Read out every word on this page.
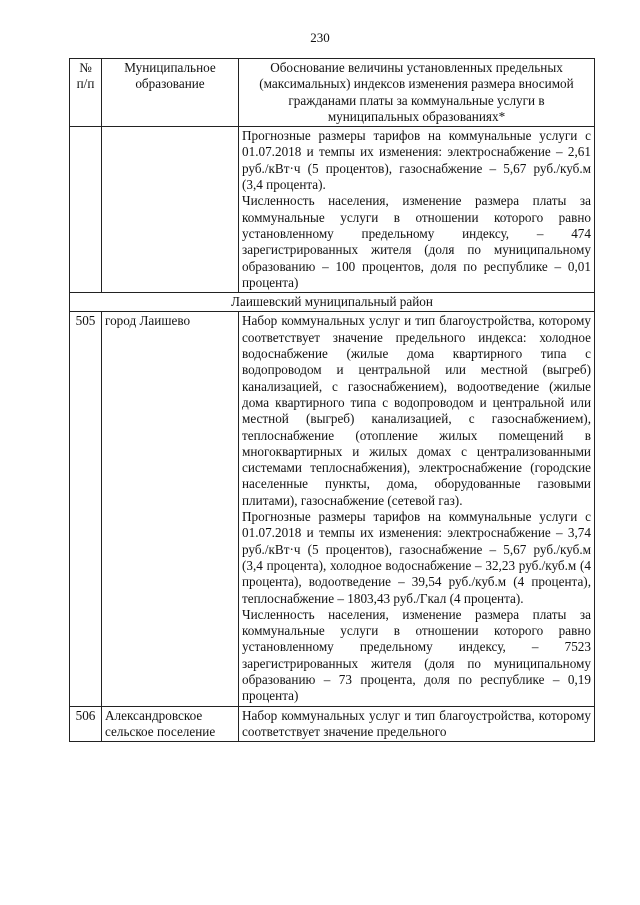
230
№ п/п	Муниципальное образование	Обоснование величины установленных предельных (максимальных) индексов изменения размера вносимой гражданами платы за коммунальные услуги в муниципальных образованиях*

		Прогнозные размеры тарифов на коммунальные услуги с 01.07.2018 и темпы их изменения: электроснабжение – 2,61 руб./кВт·ч (5 процентов), газоснабжение – 5,67 руб./куб.м (3,4 процента).

Численность населения, изменение размера платы за коммунальные услуги в отношении которого равно установленному предельному индексу, – 474 зарегистрированных жителя (доля по муниципальному образованию – 100 процентов, доля по республике – 0,01 процента)

Лаишевский муниципальный район		
505	город Лаишево	Набор коммунальных услуг и тип благоустройства, которому соответствует значение предельного индекса: холодное водоснабжение (жилые дома квартирного типа с водопроводом и центральной или местной (выгреб) канализацией, с газоснабжением), водоотведение (жилые дома квартирного типа с водопроводом и центральной или местной (выгреб) канализацией, с газоснабжением), теплоснабжение (отопление жилых помещений в многоквартирных и жилых домах с централизованными системами теплоснабжения), электроснабжение (городские населенные пункты, дома, оборудованные газовыми плитами), газоснабжение (сетевой газ).

Прогнозные размеры тарифов на коммунальные услуги с 01.07.2018 и темпы их изменения: электроснабжение – 3,74 руб./кВт·ч (5 процентов), газоснабжение – 5,67 руб./куб.м (3,4 процента), холодное водоснабжение – 32,23 руб./куб.м (4 процента), водоотведение – 39,54 руб./куб.м (4 процента), теплоснабжение – 1803,43 руб./Гкал (4 процента).

Численность населения, изменение размера платы за коммунальные услуги в отношении которого равно установленному предельному индексу, – 7523 зарегистрированных жителя (доля по муниципальному образованию – 73 процента, доля по республике – 0,19 процента)

506	Александровское сельское поселение	Набор коммунальных услуг и тип благоустройства, которому соответствует значение предельного
